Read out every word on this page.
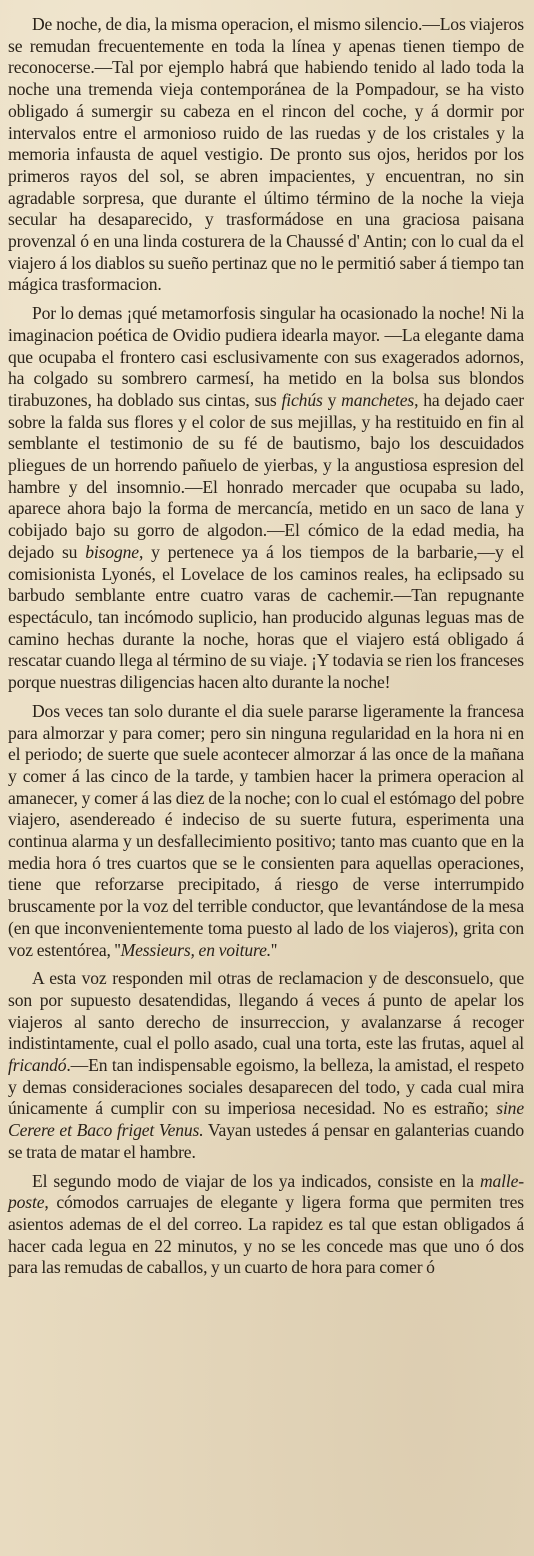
De noche, de dia, la misma operacion, el mismo silencio.—Los viajeros se remudan frecuentemente en toda la línea y apenas tienen tiempo de reconocerse.—Tal por ejemplo habrá que habiendo tenido al lado toda la noche una tremenda vieja contemporánea de la Pompadour, se ha visto obligado á sumergir su cabeza en el rincon del coche, y á dormir por intervalos entre el armonioso ruido de las ruedas y de los cristales y la memoria infausta de aquel vestigio. De pronto sus ojos, heridos por los primeros rayos del sol, se abren impacientes, y encuentran, no sin agradable sorpresa, que durante el último término de la noche la vieja secular ha desaparecido, y trasformádose en una graciosa paisana provenzal ó en una linda costurera de la Chaussé d' Antin; con lo cual da el viajero á los diablos su sueño pertinaz que no le permitió saber á tiempo tan mágica trasformacion.

Por lo demas ¡qué metamorfosis singular ha ocasionado la noche! Ni la imaginacion poética de Ovidio pudiera idearla mayor. —La elegante dama que ocupaba el frontero casi esclusivamente con sus exagerados adornos, ha colgado su sombrero carmesí, ha metido en la bolsa sus blondos tirabuzones, ha doblado sus cintas, sus fichús y manchetes, ha dejado caer sobre la falda sus flores y el color de sus mejillas, y ha restituido en fin al semblante el testimonio de su fé de bautismo, bajo los descuidados pliegues de un horrendo pañuelo de yierbas, y la angustiosa espresion del hambre y del insomnio.—El honrado mercader que ocupaba su lado, aparece ahora bajo la forma de mercancía, metido en un saco de lana y cobijado bajo su gorro de algodon.—El cómico de la edad media, ha dejado su bisogne, y pertenece ya á los tiempos de la barbarie,—y el comisionista Lyonés, el Lovelace de los caminos reales, ha eclipsado su barbudo semblante entre cuatro varas de cachemir.—Tan repugnante espectáculo, tan incómodo suplicio, han producido algunas leguas mas de camino hechas durante la noche, horas que el viajero está obligado á rescatar cuando llega al término de su viaje. ¡Y todavia se rien los franceses porque nuestras diligencias hacen alto durante la noche!

Dos veces tan solo durante el dia suele pararse ligeramente la francesa para almorzar y para comer; pero sin ninguna regularidad en la hora ni en el periodo; de suerte que suele acontecer almorzar á las once de la mañana y comer á las cinco de la tarde, y tambien hacer la primera operacion al amanecer, y comer á las diez de la noche; con lo cual el estómago del pobre viajero, asendereado é indeciso de su suerte futura, esperimenta una continua alarma y un desfallecimiento positivo; tanto mas cuanto que en la media hora ó tres cuartos que se le consienten para aquellas operaciones, tiene que reforzarse precipitado, á riesgo de verse interrumpido bruscamente por la voz del terrible conductor, que levantándose de la mesa (en que inconvenientemente toma puesto al lado de los viajeros), grita con voz estentórea, ''Messieurs, en voiture.''

A esta voz responden mil otras de reclamacion y de desconsuelo, que son por supuesto desatendidas, llegando á veces á punto de apelar los viajeros al santo derecho de insurreccion, y avalanzarse á recoger indistintamente, cual el pollo asado, cual una torta, este las frutas, aquel al fricandó.—En tan indispensable egoismo, la belleza, la amistad, el respeto y demas consideraciones sociales desaparecen del todo, y cada cual mira únicamente á cumplir con su imperiosa necesidad. No es estraño; sine Cerere et Baco friget Venus. Vayan ustedes á pensar en galanterias cuando se trata de matar el hambre.

El segundo modo de viajar de los ya indicados, consiste en la malle-poste, cómodos carruajes de elegante y ligera forma que permiten tres asientos ademas de el del correo. La rapidez es tal que estan obligados á hacer cada legua en 22 minutos, y no se les concede mas que uno ó dos para las remudas de caballos, y un cuarto de hora para comer ó
